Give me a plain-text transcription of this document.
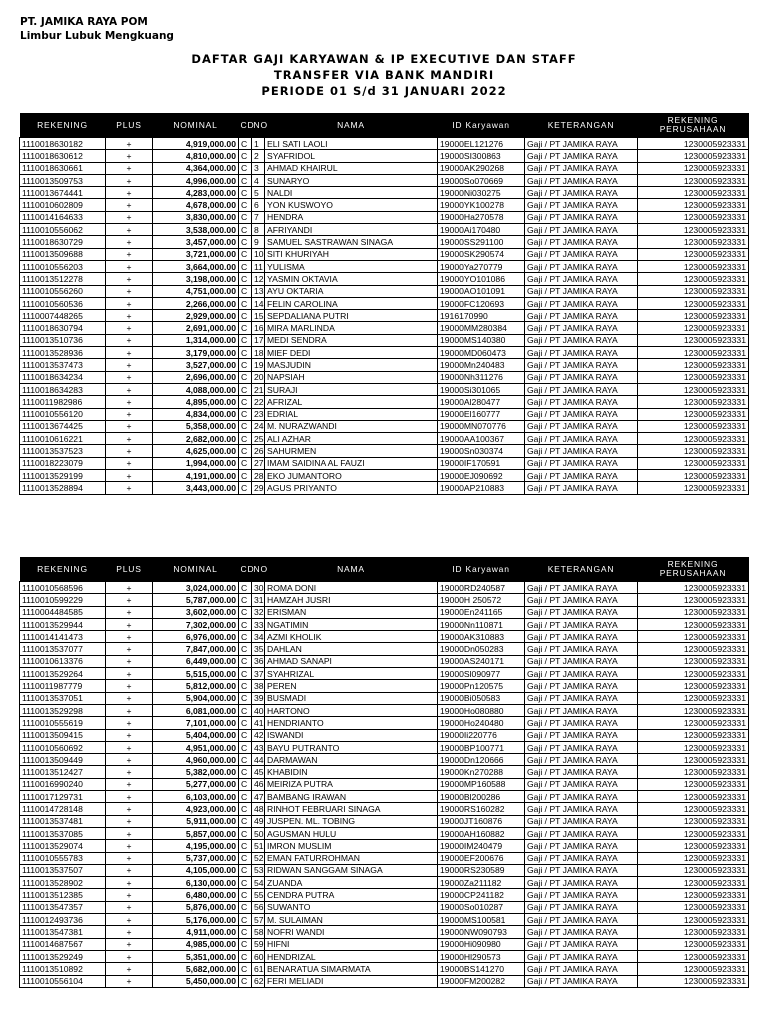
PT. JAMIKA RAYA POM
Limbur Lubuk Mengkuang
DAFTAR GAJI KARYAWAN & IP EXECUTIVE DAN STAFF
TRANSFER VIA BANK MANDIRI
PERIODE 01 S/d 31 JANUARI 2022
REKENING	PLUS	NOMINAL	CD	NO	NAMA	ID Karyawan	KETERANGAN	REKENING PERUSAHAAN
1110018630182	+	4,919,000.00	C	1	ELI SATI LAOLI	19000EL121276	Gaji / PT JAMIKA RAYA	1230005923331
1110018630612	+	4,810,000.00	C	2	SYAFRIDOL	19000SI300863	Gaji / PT JAMIKA RAYA	1230005923331
1110018630661	+	4,364,000.00	C	3	AHMAD KHAIRUL	19000AK290268	Gaji / PT JAMIKA RAYA	1230005923331
1110013509753	+	4,996,000.00	C	4	SUNARYO	19000So070669	Gaji / PT JAMIKA RAYA	1230005923331
1110013674441	+	4,283,000.00	C	5	NALDI	19000Ni030275	Gaji / PT JAMIKA RAYA	1230005923331
1110010602809	+	4,678,000.00	C	6	YON KUSWOYO	19000YK100278	Gaji / PT JAMIKA RAYA	1230005923331
1110014164633	+	3,830,000.00	C	7	HENDRA	19000Ha270578	Gaji / PT JAMIKA RAYA	1230005923331
1110010556062	+	3,538,000.00	C	8	AFRIYANDI	19000Ai170480	Gaji / PT JAMIKA RAYA	1230005923331
1110018630729	+	3,457,000.00	C	9	SAMUEL SASTRAWAN SINAGA	19000SS291100	Gaji / PT JAMIKA RAYA	1230005923331
1110013509688	+	3,721,000.00	C	10	SITI KHURIYAH	19000SK290574	Gaji / PT JAMIKA RAYA	1230005923331
1110010556203	+	3,664,000.00	C	11	YULISMA	19000Ya270779	Gaji / PT JAMIKA RAYA	1230005923331
1110013512278	+	3,198,000.00	C	12	YASMIN OKTAVIA	19000YO101086	Gaji / PT JAMIKA RAYA	1230005923331
1110010556260	+	4,751,000.00	C	13	AYU OKTARIA	19000AO101091	Gaji / PT JAMIKA RAYA	1230005923331
1110010560536	+	2,266,000.00	C	14	FELIN CAROLINA	19000FC120693	Gaji / PT JAMIKA RAYA	1230005923331
1110007448265	+	2,929,000.00	C	15	SEPDALIANA PUTRI	1916170990	Gaji / PT JAMIKA RAYA	1230005923331
1110018630794	+	2,691,000.00	C	16	MIRA MARLINDA	19000MM280384	Gaji / PT JAMIKA RAYA	1230005923331
1110013510736	+	1,314,000.00	C	17	MEDI SENDRA	19000MS140380	Gaji / PT JAMIKA RAYA	1230005923331
1110013528936	+	3,179,000.00	C	18	MIEF DEDI	19000MD060473	Gaji / PT JAMIKA RAYA	1230005923331
1110013537473	+	3,527,000.00	C	19	MASJUDIN	19000Mn240483	Gaji / PT JAMIKA RAYA	1230005923331
1110018634234	+	2,696,000.00	C	20	NAPSIAH	19000Nh311276	Gaji / PT JAMIKA RAYA	1230005923331
1110018634283	+	4,088,000.00	C	21	SURAJI	19000Si301065	Gaji / PT JAMIKA RAYA	1230005923331
1110011982986	+	4,895,000.00	C	22	AFRIZAL	19000Al280477	Gaji / PT JAMIKA RAYA	1230005923331
1110010556120	+	4,834,000.00	C	23	EDRIAL	19000El160777	Gaji / PT JAMIKA RAYA	1230005923331
1110013674425	+	5,358,000.00	C	24	M. NURAZWANDI	19000MN070776	Gaji / PT JAMIKA RAYA	1230005923331
1110010616221	+	2,682,000.00	C	25	ALI AZHAR	19000AA100367	Gaji / PT JAMIKA RAYA	1230005923331
1110013537523	+	4,625,000.00	C	26	SAHURMEN	19000Sn030374	Gaji / PT JAMIKA RAYA	1230005923331
1110018223079	+	1,994,000.00	C	27	IMAM SAIDINA AL FAUZI	19000IF170591	Gaji / PT JAMIKA RAYA	1230005923331
1110013529199	+	4,191,000.00	C	28	EKO JUMANTORO	19000EJ090692	Gaji / PT JAMIKA RAYA	1230005923331
1110013528894	+	3,443,000.00	C	29	AGUS PRIYANTO	19000AP210883	Gaji / PT JAMIKA RAYA	1230005923331
REKENING	PLUS	NOMINAL	CD	NO	NAMA	ID Karyawan	KETERANGAN	REKENING PERUSAHAAN
1110010568596	+	3,024,000.00	C	30	ROMA DONI	19000RD240587	Gaji / PT JAMIKA RAYA	1230005923331
1110010599229	+	5,787,000.00	C	31	HAMZAH JUSRI	19000H 250572	Gaji / PT JAMIKA RAYA	1230005923331
1110004484585	+	3,602,000.00	C	32	ERISMAN	19000En241165	Gaji / PT JAMIKA RAYA	1230005923331
1110013529944	+	7,302,000.00	C	33	NGATIMIN	19000Nn110871	Gaji / PT JAMIKA RAYA	1230005923331
1110014141473	+	6,976,000.00	C	34	AZMI KHOLIK	19000AK310883	Gaji / PT JAMIKA RAYA	1230005923331
1110013537077	+	7,847,000.00	C	35	DAHLAN	19000Dn050283	Gaji / PT JAMIKA RAYA	1230005923331
1110010613376	+	6,449,000.00	C	36	AHMAD SANAPI	19000AS240171	Gaji / PT JAMIKA RAYA	1230005923331
1110013529264	+	5,515,000.00	C	37	SYAHRIZAL	19000Sl090977	Gaji / PT JAMIKA RAYA	1230005923331
1110011987779	+	5,812,000.00	C	38	PEREN	19000Pn120575	Gaji / PT JAMIKA RAYA	1230005923331
1110013537051	+	5,904,000.00	C	39	BUSMADI	19000Bi050583	Gaji / PT JAMIKA RAYA	1230005923331
1110013529298	+	6,081,000.00	C	40	HARTONO	19000Ho080880	Gaji / PT JAMIKA RAYA	1230005923331
1110010555619	+	7,101,000.00	C	41	HENDRIANTO	19000Ho240480	Gaji / PT JAMIKA RAYA	1230005923331
1110013509415	+	5,404,000.00	C	42	ISWANDI	19000Ii220776	Gaji / PT JAMIKA RAYA	1230005923331
1110010560692	+	4,951,000.00	C	43	BAYU PUTRANTO	19000BP100771	Gaji / PT JAMIKA RAYA	1230005923331
1110013509449	+	4,960,000.00	C	44	DARMAWAN	19000Dn120666	Gaji / PT JAMIKA RAYA	1230005923331
1110013512427	+	5,382,000.00	C	45	KHABIDIN	19000Kn270288	Gaji / PT JAMIKA RAYA	1230005923331
1110016990240	+	5,277,000.00	C	46	MEIRIZA PUTRA	19000MP160588	Gaji / PT JAMIKA RAYA	1230005923331
1110017129731	+	6,103,000.00	C	47	BAMBANG IRAWAN	19000Bl200286	Gaji / PT JAMIKA RAYA	1230005923331
1110014728148	+	4,923,000.00	C	48	RINHOT FEBRUARI SINAGA	19000RS160282	Gaji / PT JAMIKA RAYA	1230005923331
1110013537481	+	5,911,000.00	C	49	JUSPEN. ML. TOBING	19000JT160876	Gaji / PT JAMIKA RAYA	1230005923331
1110013537085	+	5,857,000.00	C	50	AGUSMAN HULU	19000AH160882	Gaji / PT JAMIKA RAYA	1230005923331
1110013529074	+	4,195,000.00	C	51	IMRON MUSLIM	19000IM240479	Gaji / PT JAMIKA RAYA	1230005923331
1110010555783	+	5,737,000.00	C	52	EMAN FATURROHMAN	19000EF200676	Gaji / PT JAMIKA RAYA	1230005923331
1110013537507	+	4,105,000.00	C	53	RIDWAN SANGGAM SINAGA	19000RS230589	Gaji / PT JAMIKA RAYA	1230005923331
1110013528902	+	6,130,000.00	C	54	ZUANDA	19000Za211182	Gaji / PT JAMIKA RAYA	1230005923331
1110013512385	+	6,480,000.00	C	55	CENDRA PUTRA	19000CP241182	Gaji / PT JAMIKA RAYA	1230005923331
1110013547357	+	5,876,000.00	C	56	SUWANTO	19000So010287	Gaji / PT JAMIKA RAYA	1230005923331
1110012493736	+	5,176,000.00	C	57	M. SULAIMAN	19000MS100581	Gaji / PT JAMIKA RAYA	1230005923331
1110013547381	+	4,911,000.00	C	58	NOFRI WANDI	19000NW090793	Gaji / PT JAMIKA RAYA	1230005923331
1110014687567	+	4,985,000.00	C	59	HIFNI	19000Hi090980	Gaji / PT JAMIKA RAYA	1230005923331
1110013529249	+	5,351,000.00	C	60	HENDRIZAL	19000Hl290573	Gaji / PT JAMIKA RAYA	1230005923331
1110013510892	+	5,682,000.00	C	61	BENARATUA SIMARMATA	19000BS141270	Gaji / PT JAMIKA RAYA	1230005923331
1110010556104	+	5,450,000.00	C	62	FERI MELIADI	19000FM200282	Gaji / PT JAMIKA RAYA	1230005923331
